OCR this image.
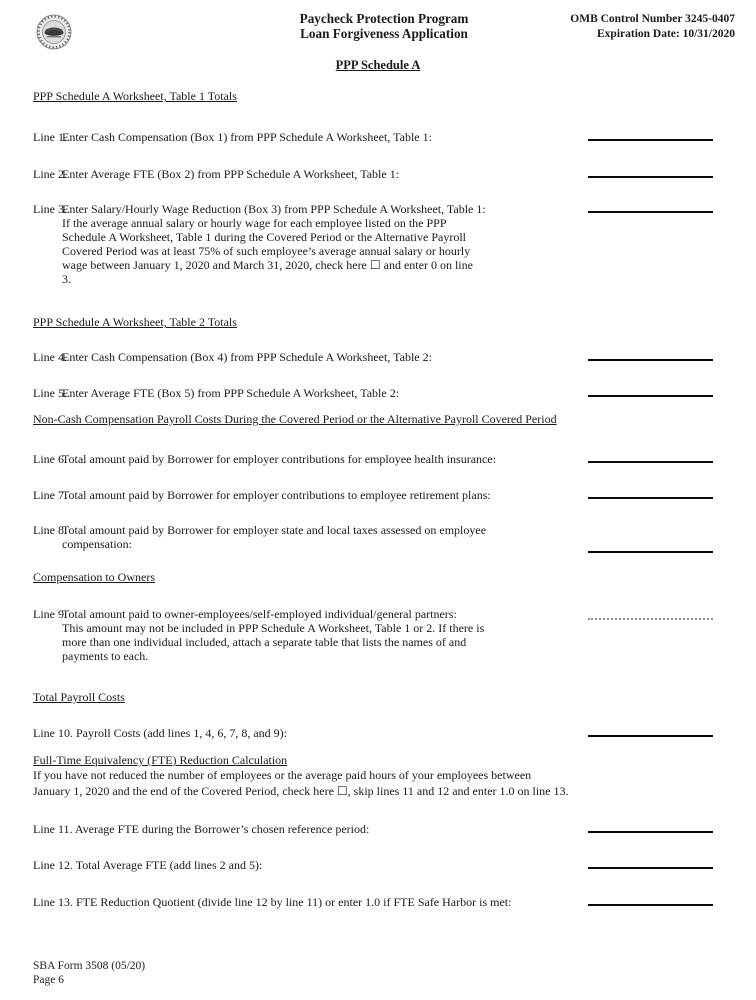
Paycheck Protection Program
Loan Forgiveness Application
OMB Control Number 3245-0407
Expiration Date: 10/31/2020
PPP Schedule A
PPP Schedule A Worksheet, Table 1 Totals
Line 1.
Enter Cash Compensation (Box 1) from PPP Schedule A Worksheet, Table 1:
Line 2.
Enter Average FTE (Box 2) from PPP Schedule A Worksheet, Table 1:
Line 3.
Enter Salary/Hourly Wage Reduction (Box 3) from PPP Schedule A Worksheet, Table 1:
If the average annual salary or hourly wage for each employee listed on the PPP
Schedule A Worksheet, Table 1 during the Covered Period or the Alternative Payroll
Covered Period was at least 75% of such employee’s average annual salary or hourly
wage between January 1, 2020 and March 31, 2020, check here ☐ and enter 0 on line
3.
PPP Schedule A Worksheet, Table 2 Totals
Line 4.
Enter Cash Compensation (Box 4) from PPP Schedule A Worksheet, Table 2:
Line 5.
Enter Average FTE (Box 5) from PPP Schedule A Worksheet, Table 2:
Non-Cash Compensation Payroll Costs During the Covered Period or the Alternative Payroll Covered Period
Line 6.
Total amount paid by Borrower for employer contributions for employee health insurance:
Line 7.
Total amount paid by Borrower for employer contributions to employee retirement plans:
Line 8.
Total amount paid by Borrower for employer state and local taxes assessed on employee
compensation:
Compensation to Owners
Line 9.
Total amount paid to owner-employees/self-employed individual/general partners:
This amount may not be included in PPP Schedule A Worksheet, Table 1 or 2. If there is
more than one individual included, attach a separate table that lists the names of and
payments to each.
Total Payroll Costs
Line 10. Payroll Costs (add lines 1, 4, 6, 7, 8, and 9):
Full-Time Equivalency (FTE) Reduction Calculation
If you have not reduced the number of employees or the average paid hours of your employees between
January 1, 2020 and the end of the Covered Period, check here ☐, skip lines 11 and 12 and enter 1.0 on line 13.
Line 11. Average FTE during the Borrower’s chosen reference period:
Line 12. Total Average FTE (add lines 2 and 5):
Line 13. FTE Reduction Quotient (divide line 12 by line 11) or enter 1.0 if FTE Safe Harbor is met:
SBA Form 3508 (05/20)
Page 6
